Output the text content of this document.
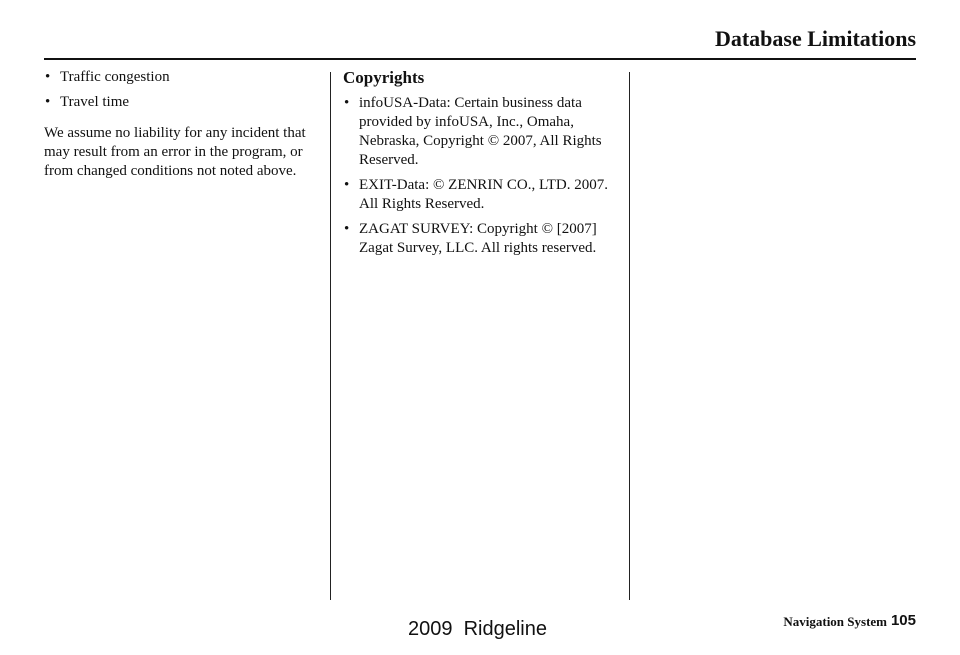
Database Limitations
• Traffic congestion
• Travel time
We assume no liability for any incident that may result from an error in the program, or from changed conditions not noted above.
Copyrights
• infoUSA-Data: Certain business data provided by infoUSA, Inc., Omaha, Nebraska, Copyright © 2007, All Rights Reserved.
• EXIT-Data: © ZENRIN CO., LTD. 2007. All Rights Reserved.
• ZAGAT SURVEY: Copyright © [2007] Zagat Survey, LLC. All rights reserved.
Navigation System 105
2009  Ridgeline
